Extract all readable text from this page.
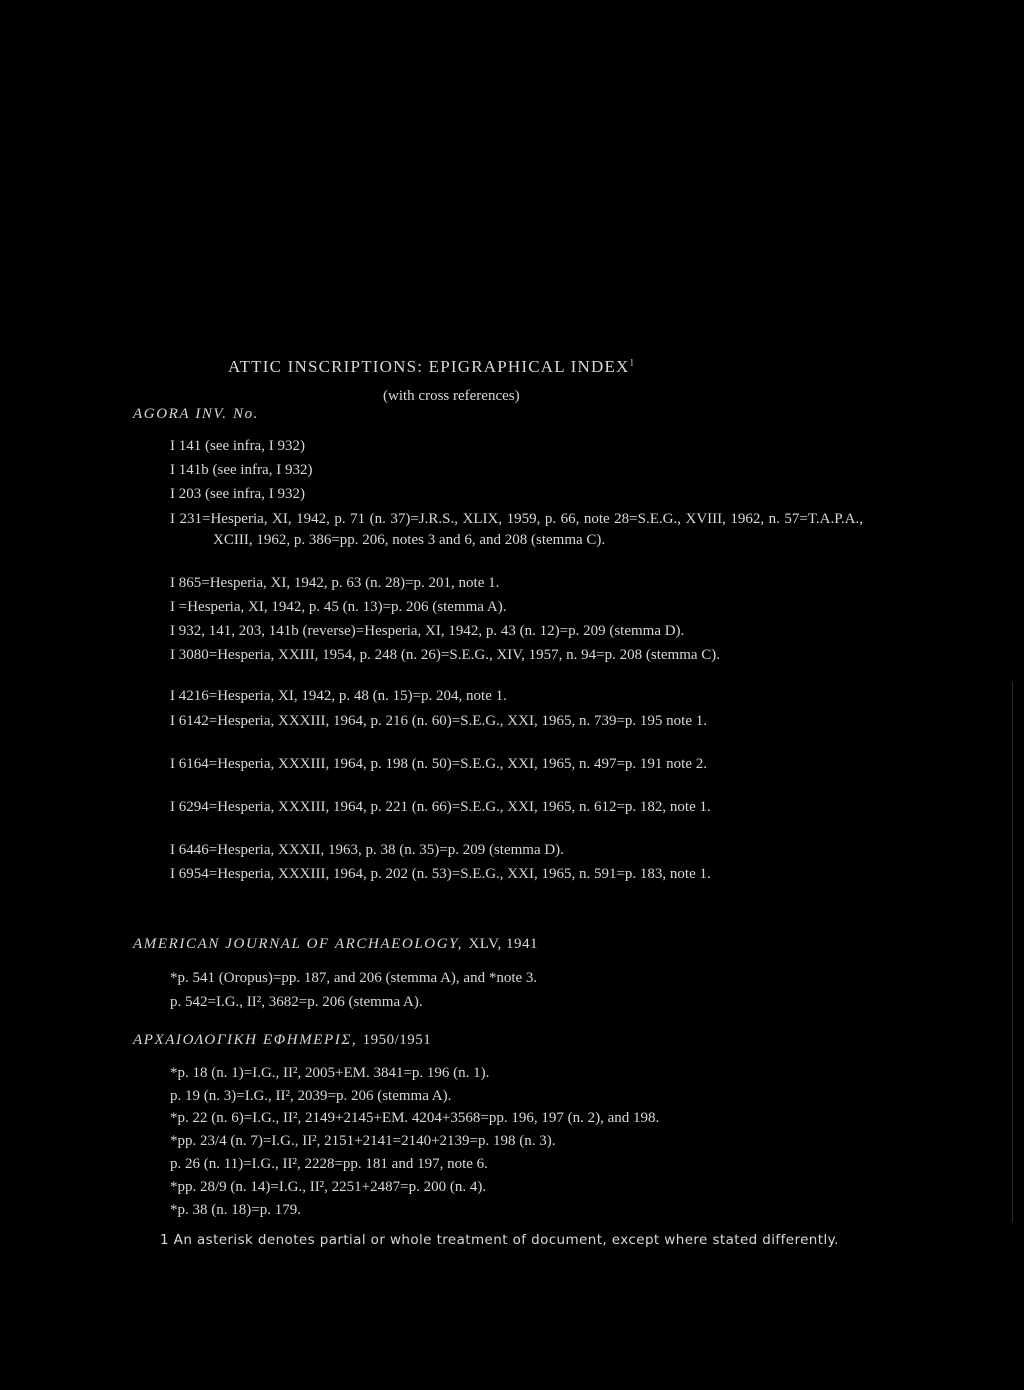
ATTIC INSCRIPTIONS: EPIGRAPHICAL INDEX$^1$
(with cross references)
AGORA INV. No.
I 141 (see infra, I 932)
I 141b (see infra, I 932)
I 203 (see infra, I 932)
I 231=Hesperia, XI, 1942, p. 71 (n. 37)=J.R.S., XLIX, 1959, p. 66, note 28=S.E.G., XVIII, 1962, n. 57=T.A.P.A., XCIII, 1962, p. 386=pp. 206, notes 3 and 6, and 208 (stemma C).
I 865=Hesperia, XI, 1942, p. 63 (n. 28)=p. 201, note 1.
I =Hesperia, XI, 1942, p. 45 (n. 13)=p. 206 (stemma A).
I 932, 141, 203, 141b (reverse)=Hesperia, XI, 1942, p. 43 (n. 12)=p. 209 (stemma D).
I 3080=Hesperia, XXIII, 1954, p. 248 (n. 26)=S.E.G., XIV, 1957, n. 94=p. 208 (stemma C).
I 4216=Hesperia, XI, 1942, p. 48 (n. 15)=p. 204, note 1.
I 6142=Hesperia, XXXIII, 1964, p. 216 (n. 60)=S.E.G., XXI, 1965, n. 739=p. 195 note 1.
I 6164=Hesperia, XXXIII, 1964, p. 198 (n. 50)=S.E.G., XXI, 1965, n. 497=p. 191 note 2.
I 6294=Hesperia, XXXIII, 1964, p. 221 (n. 66)=S.E.G., XXI, 1965, n. 612=p. 182, note 1.
I 6446=Hesperia, XXXII, 1963, p. 38 (n. 35)=p. 209 (stemma D).
I 6954=Hesperia, XXXIII, 1964, p. 202 (n. 53)=S.E.G., XXI, 1965, n. 591=p. 183, note 1.
AMERICAN JOURNAL OF ARCHAEOLOGY, XLV, 1941
*p. 541 (Oropus)=pp. 187, and 206 (stemma A), and *note 3.
p. 542=I.G., II², 3682=p. 206 (stemma A).
ΑΡΧΑΙΟΛΟΓΙΚΗ ΕΦΗΜΕΡΙΣ, 1950/1951
*p. 18 (n. 1)=I.G., II², 2005+EM. 3841=p. 196 (n. 1).
p. 19 (n. 3)=I.G., II², 2039=p. 206 (stemma A).
*p. 22 (n. 6)=I.G., II², 2149+2145+EM. 4204+3568=pp. 196, 197 (n. 2), and 198.
*pp. 23/4 (n. 7)=I.G., II², 2151+2141=2140+2139=p. 198 (n. 3).
p. 26 (n. 11)=I.G., II², 2228=pp. 181 and 197, note 6.
*pp. 28/9 (n. 14)=I.G., II², 2251+2487=p. 200 (n. 4).
*p. 38 (n. 18)=p. 179.
1 An asterisk denotes partial or whole treatment of document, except where stated differently.
